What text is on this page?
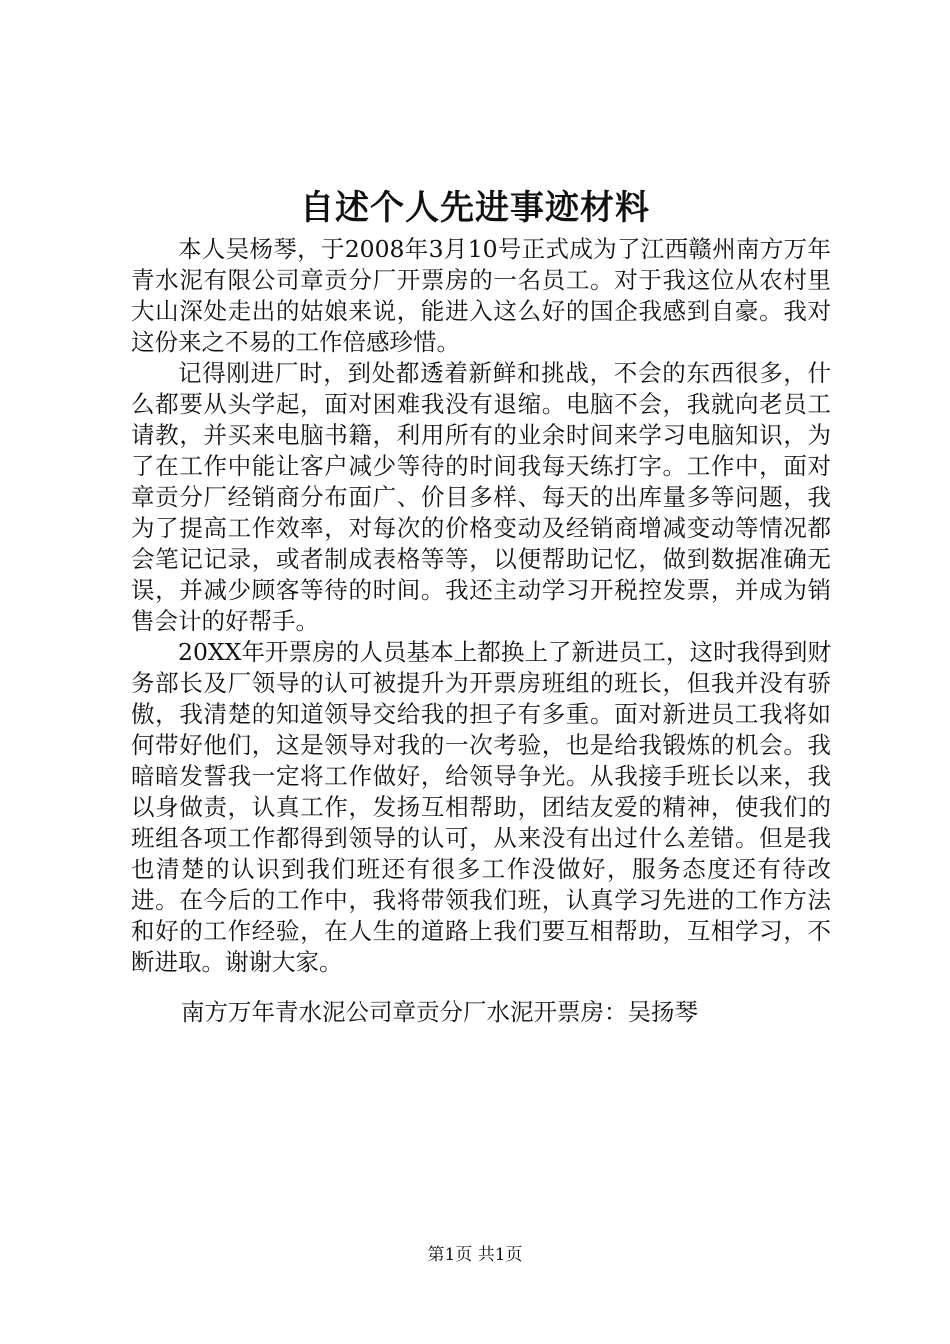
自述个人先进事迹材料

本人吴杨琴，于2008年3月10号正式成为了江西赣州南方万年青水泥有限公司章贡分厂开票房的一名员工。对于我这位从农村里大山深处走出的姑娘来说，能进入这么好的国企我感到自豪。我对这份来之不易的工作倍感珍惜。

记得刚进厂时，到处都透着新鲜和挑战，不会的东西很多，什么都要从头学起，面对困难我没有退缩。电脑不会，我就向老员工请教，并买来电脑书籍，利用所有的业余时间来学习电脑知识，为了在工作中能让客户减少等待的时间我每天练打字。工作中，面对章贡分厂经销商分布面广、价目多样、每天的出库量多等问题，我为了提高工作效率，对每次的价格变动及经销商增减变动等情况都会笔记记录，或者制成表格等等，以便帮助记忆，做到数据准确无误，并减少顾客等待的时间。我还主动学习开税控发票，并成为销售会计的好帮手。

20XX年开票房的人员基本上都换上了新进员工，这时我得到财务部长及厂领导的认可被提升为开票房班组的班长，但我并没有骄傲，我清楚的知道领导交给我的担子有多重。面对新进员工我将如何带好他们，这是领导对我的一次考验，也是给我锻炼的机会。我暗暗发誓我一定将工作做好，给领导争光。从我接手班长以来，我以身做责，认真工作，发扬互相帮助，团结友爱的精神，使我们的班组各项工作都得到领导的认可，从来没有出过什么差错。但是我也清楚的认识到我们班还有很多工作没做好，服务态度还有待改进。在今后的工作中，我将带领我们班，认真学习先进的工作方法和好的工作经验，在人生的道路上我们要互相帮助，互相学习，不断进取。谢谢大家。

南方万年青水泥公司章贡分厂水泥开票房：吴扬琴

第1页 共1页
